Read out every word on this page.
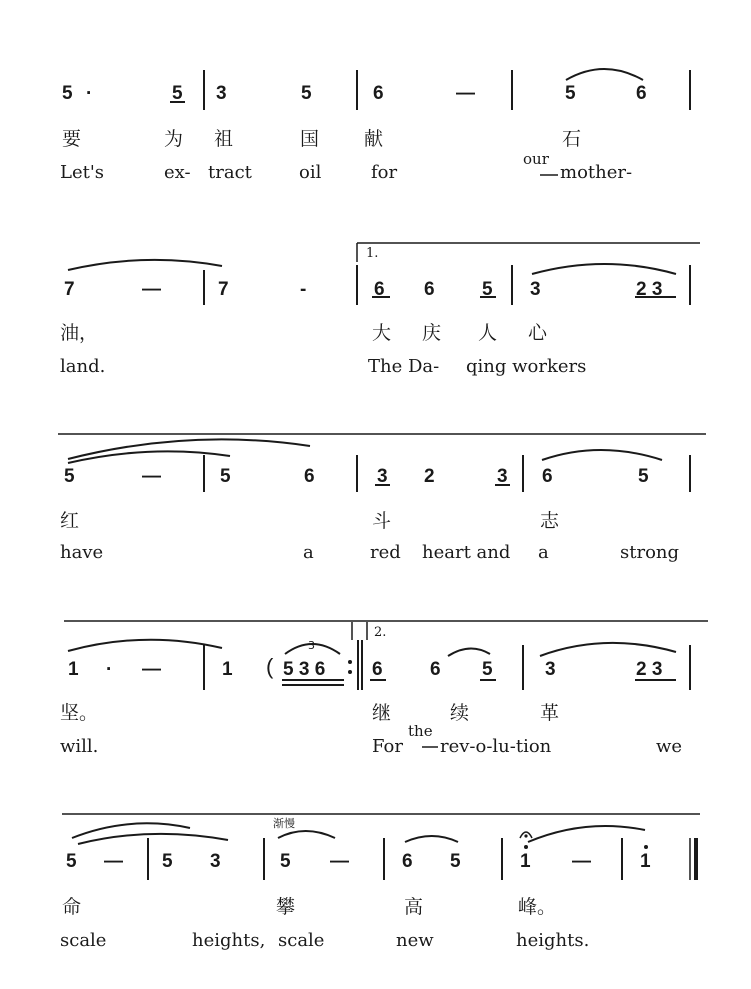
5 ·	5 3	5	6	—	5	6
要	为 祖	国 献	石
Let's	ex- tract	oil	for
our
mother-
1.
7	—	7	-	6 6 5 3	2 3
油，	大 庆 人 心
land.	The Da- qing workers
5	—	5	6	3 2	3 6	5
红	斗	志
have	a	red heart and a	strong
2.
3
1 · —	1 ( 5 3 6 6 6 5	3	2 3
坚。	继	续	革
the
will.	For rev-o-lu-tion	we
渐慢
5 — 5 3	5 —	6 5	1 —	1
命	攀	高	峰。
scale	heights, scale	new	heights.
